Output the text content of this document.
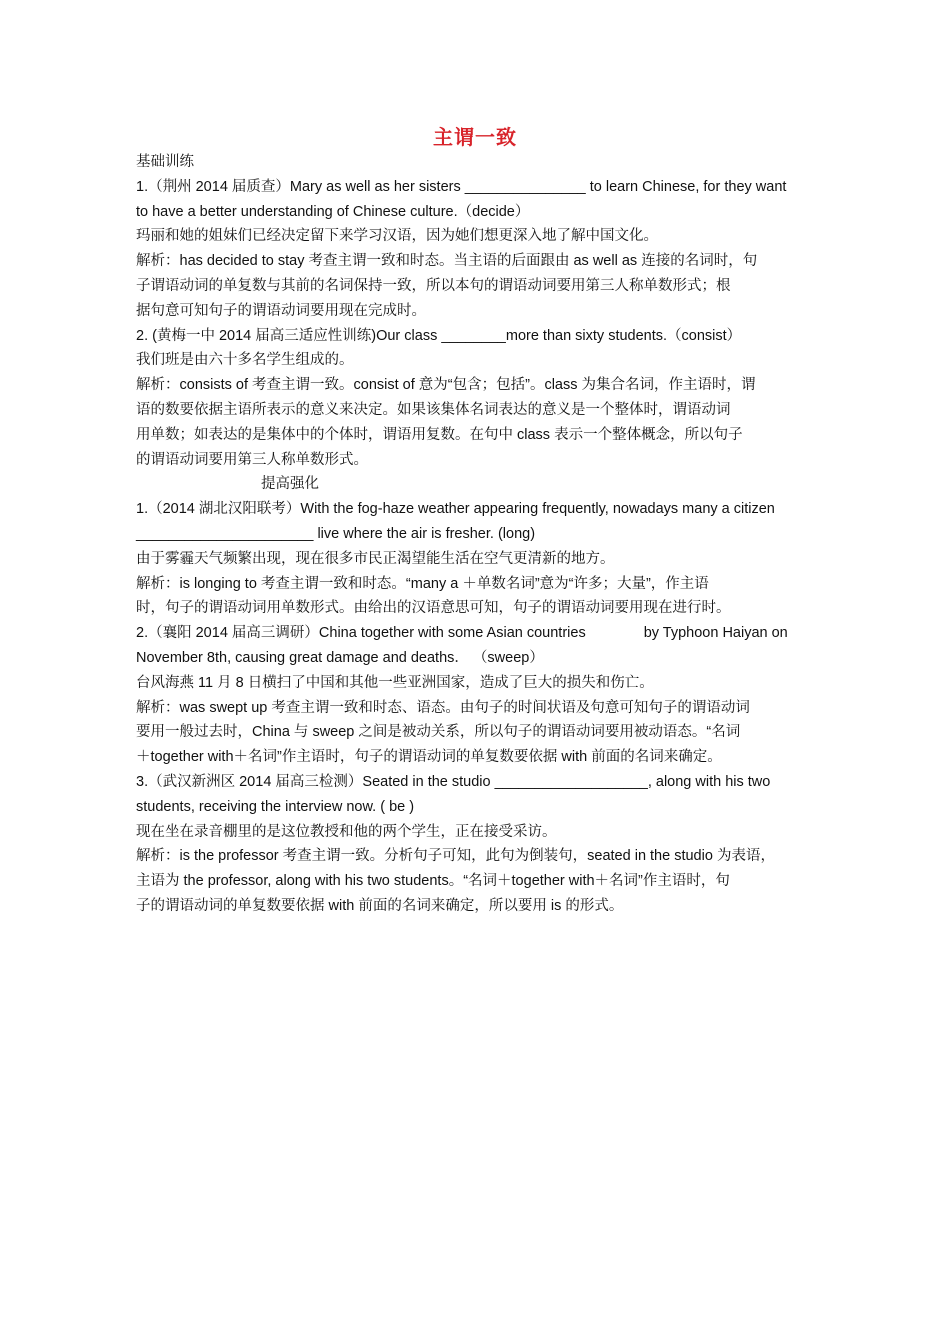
主谓一致

基础训练

1.（荆州 2014 届质查）Mary as well as her sisters _______________ to learn Chinese, for they want

to have a better understanding of Chinese culture.（decide）

玛丽和她的姐妹们已经决定留下来学习汉语，因为她们想更深入地了解中国文化。

解析：has decided to stay 考查主谓一致和时态。当主语的后面跟由 as well as 连接的名词时，句

子谓语动词的单复数与其前的名词保持一致，所以本句的谓语动词要用第三人称单数形式；根

据句意可知句子的谓语动词要用现在完成时。

2. (黄梅一中 2014 届高三适应性训练)Our class ________more than sixty students.（consist）

我们班是由六十多名学生组成的。

解析：consists of 考查主谓一致。consist of 意为“包含；包括”。class 为集合名词，作主语时，谓

语的数要依据主语所表示的意义来决定。如果该集体名词表达的意义是一个整体时，谓语动词

用单数；如表达的是集体中的个体时，谓语用复数。在句中 class 表示一个整体概念，所以句子

的谓语动词要用第三人称单数形式。

提高强化

1.（2014 湖北汉阳联考）With the fog-haze weather appearing frequently, nowadays many a citizen

______________________ live where the air is fresher. (long)

由于雾霾天气频繁出现，现在很多市民正渴望能生活在空气更清新的地方。

解析：is longing to 考查主谓一致和时态。“many a ＋单数名词”意为“许多；大量”，作主语

时，句子的谓语动词用单数形式。由给出的汉语意思可知，句子的谓语动词要用现在进行时。

2.（襄阳 2014 届高三调研）China together with some Asian countries	by Typhoon Haiyan on

November 8th, causing great damage and deaths． （sweep）

台风海燕 11 月 8 日横扫了中国和其他一些亚洲国家，造成了巨大的损失和伤亡。

解析：was swept up 考查主谓一致和时态、语态。由句子的时间状语及句意可知句子的谓语动词

要用一般过去时，China 与 sweep 之间是被动关系，所以句子的谓语动词要用被动语态。“名词

＋together with＋名词”作主语时，句子的谓语动词的单复数要依据 with 前面的名词来确定。

3.（武汉新洲区 2014 届高三检测）Seated in the studio ___________________, along with his two

students, receiving the interview now. ( be )

现在坐在录音棚里的是这位教授和他的两个学生，正在接受采访。

解析：is the professor 考查主谓一致。分析句子可知，此句为倒装句，seated in the studio 为表语，

主语为 the professor, along with his two students。“名词＋together with＋名词”作主语时，句

子的谓语动词的单复数要依据 with 前面的名词来确定，所以要用 is 的形式。
